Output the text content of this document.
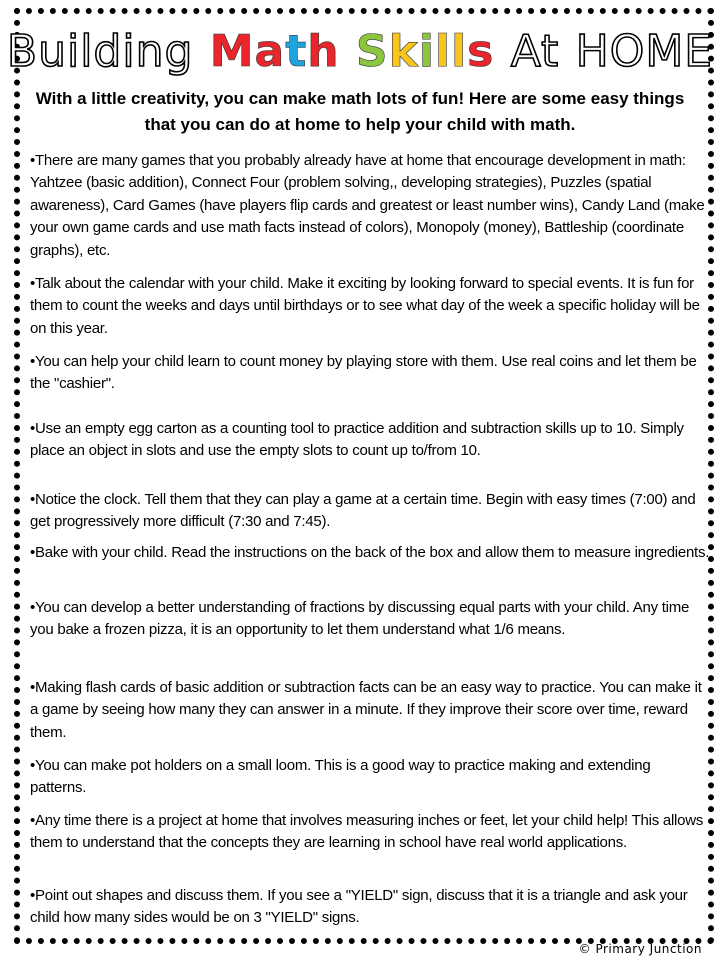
Building Math Skills At HOME
With a little creativity, you can make math lots of fun! Here are some easy things that you can do at home to help your child with math.
•There are many games that you probably already have at home that encourage development in math: Yahtzee (basic addition), Connect Four (problem solving,, developing strategies), Puzzles (spatial awareness), Card Games (have players flip cards and greatest or least number wins), Candy Land (make your own game cards and use math facts instead of colors), Monopoly (money), Battleship (coordinate graphs), etc.
•Talk about the calendar with your child. Make it exciting by looking forward to special events. It is fun for them to count the weeks and days until birthdays or to see what day of the week a specific holiday will be on this year.
•You can help your child learn to count money by playing store with them. Use real coins and let them be the "cashier".
•Use an empty egg carton as a counting tool to practice addition and subtraction skills up to 10. Simply place an object in slots and use the empty slots to count up to/from 10.
•Notice the clock. Tell them that they can play a game at a certain time. Begin with easy times (7:00) and get progressively more difficult (7:30 and 7:45).
•Bake with your child. Read the instructions on the back of the box and allow them to measure ingredients.
•You can develop a better understanding of fractions by discussing equal parts with your child. Any time you bake a frozen pizza, it is an opportunity to let them understand what 1/6 means.
•Making flash cards of basic addition or subtraction facts can be an easy way to practice. You can make it a game by seeing how many they can answer in a minute. If they improve their score over time, reward them.
•You can make pot holders on a small loom. This is a good way to practice making and extending patterns.
•Any time there is a project at home that involves measuring inches or feet, let your child help! This allows them to understand that the concepts they are learning in school have real world applications.
•Point out shapes and discuss them. If you see a "YIELD" sign, discuss that it is a triangle and ask your child how many sides would be on 3 "YIELD" signs.
© Primary Junction
